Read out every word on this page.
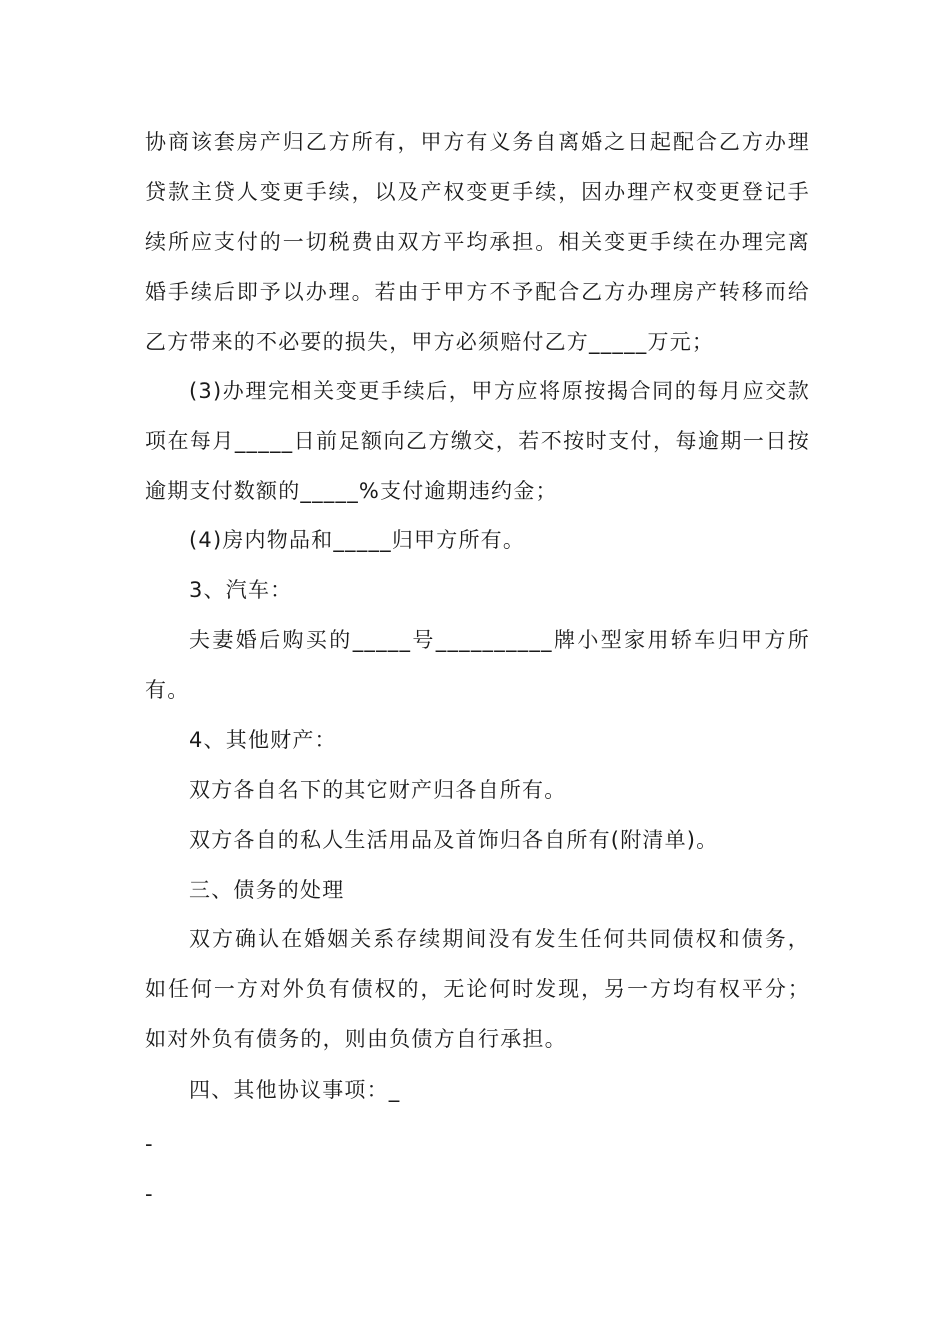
协商该套房产归乙方所有，甲方有义务自离婚之日起配合乙方办理
贷款主贷人变更手续，以及产权变更手续，因办理产权变更登记手
续所应支付的一切税费由双方平均承担。相关变更手续在办理完离
婚手续后即予以办理。若由于甲方不予配合乙方办理房产转移而给
乙方带来的不必要的损失，甲方必须赔付乙方_____万元；
(3)办理完相关变更手续后，甲方应将原按揭合同的每月应交款
项在每月_____日前足额向乙方缴交，若不按时支付，每逾期一日按
逾期支付数额的_____%支付逾期违约金；
(4)房内物品和_____归甲方所有。
3、汽车：
夫妻婚后购买的_____号__________牌小型家用轿车归甲方所
有。
4、其他财产：
双方各自名下的其它财产归各自所有。
双方各自的私人生活用品及首饰归各自所有(附清单)。
三、债务的处理
双方确认在婚姻关系存续期间没有发生任何共同债权和债务，
如任何一方对外负有债权的，无论何时发现，另一方均有权平分；
如对外负有债务的，则由负债方自行承担。
四、其他协议事项：_
-
-
